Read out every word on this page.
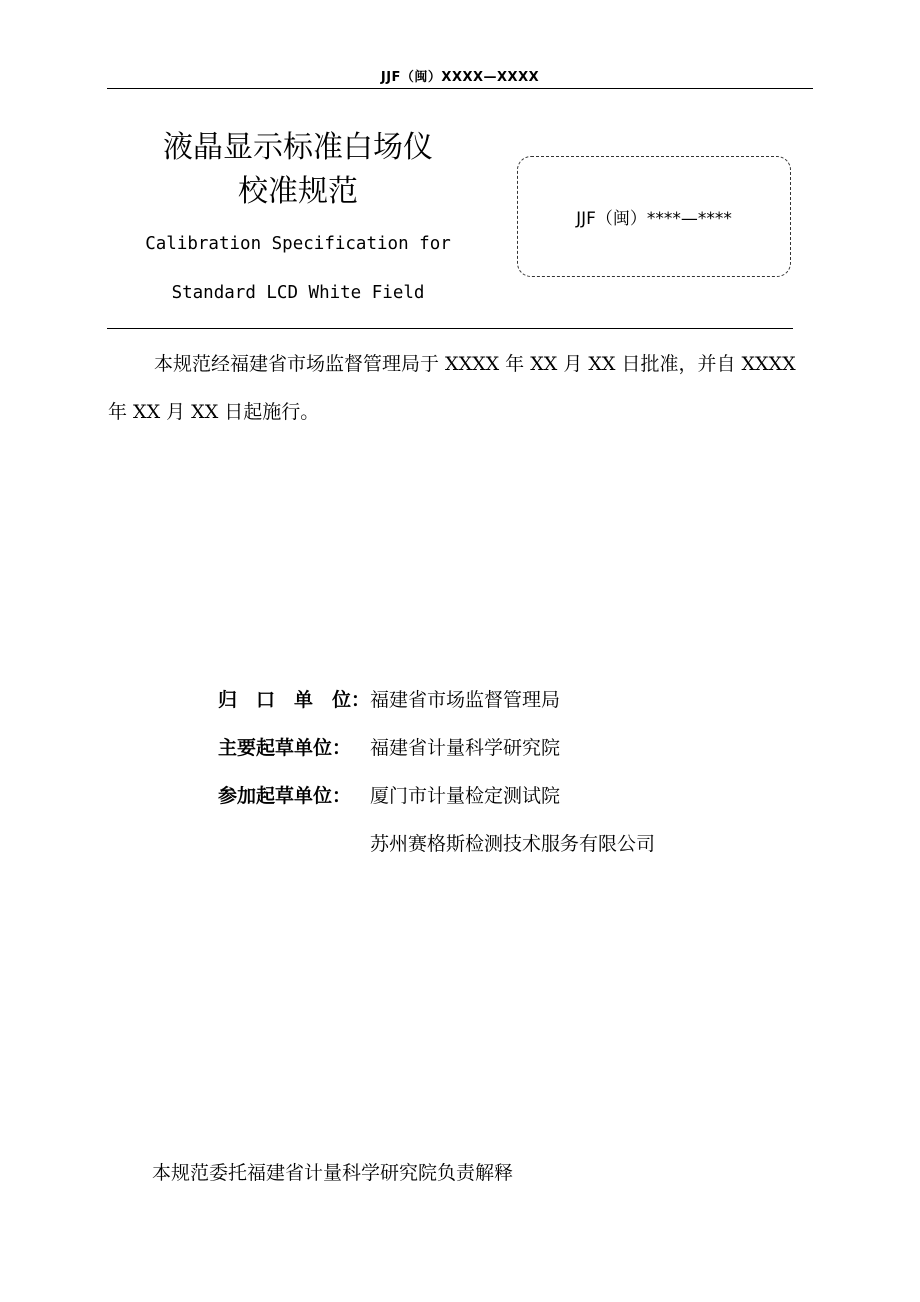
JJF（闽）XXXX—XXXX

液晶显示标准白场仪

校准规范

Calibration Specification for

Standard LCD White Field

JJF（闽）****—****

本规范经福建省市场监督管理局于 XXXX 年 XX 月 XX 日批准，并自 XXXX 年 XX 月 XX 日起施行。

归 口 单 位： 福建省市场监督管理局
主要起草单位： 福建省计量科学研究院
参加起草单位： 厦门市计量检定测试院
苏州赛格斯检测技术服务有限公司

本规范委托福建省计量科学研究院负责解释
